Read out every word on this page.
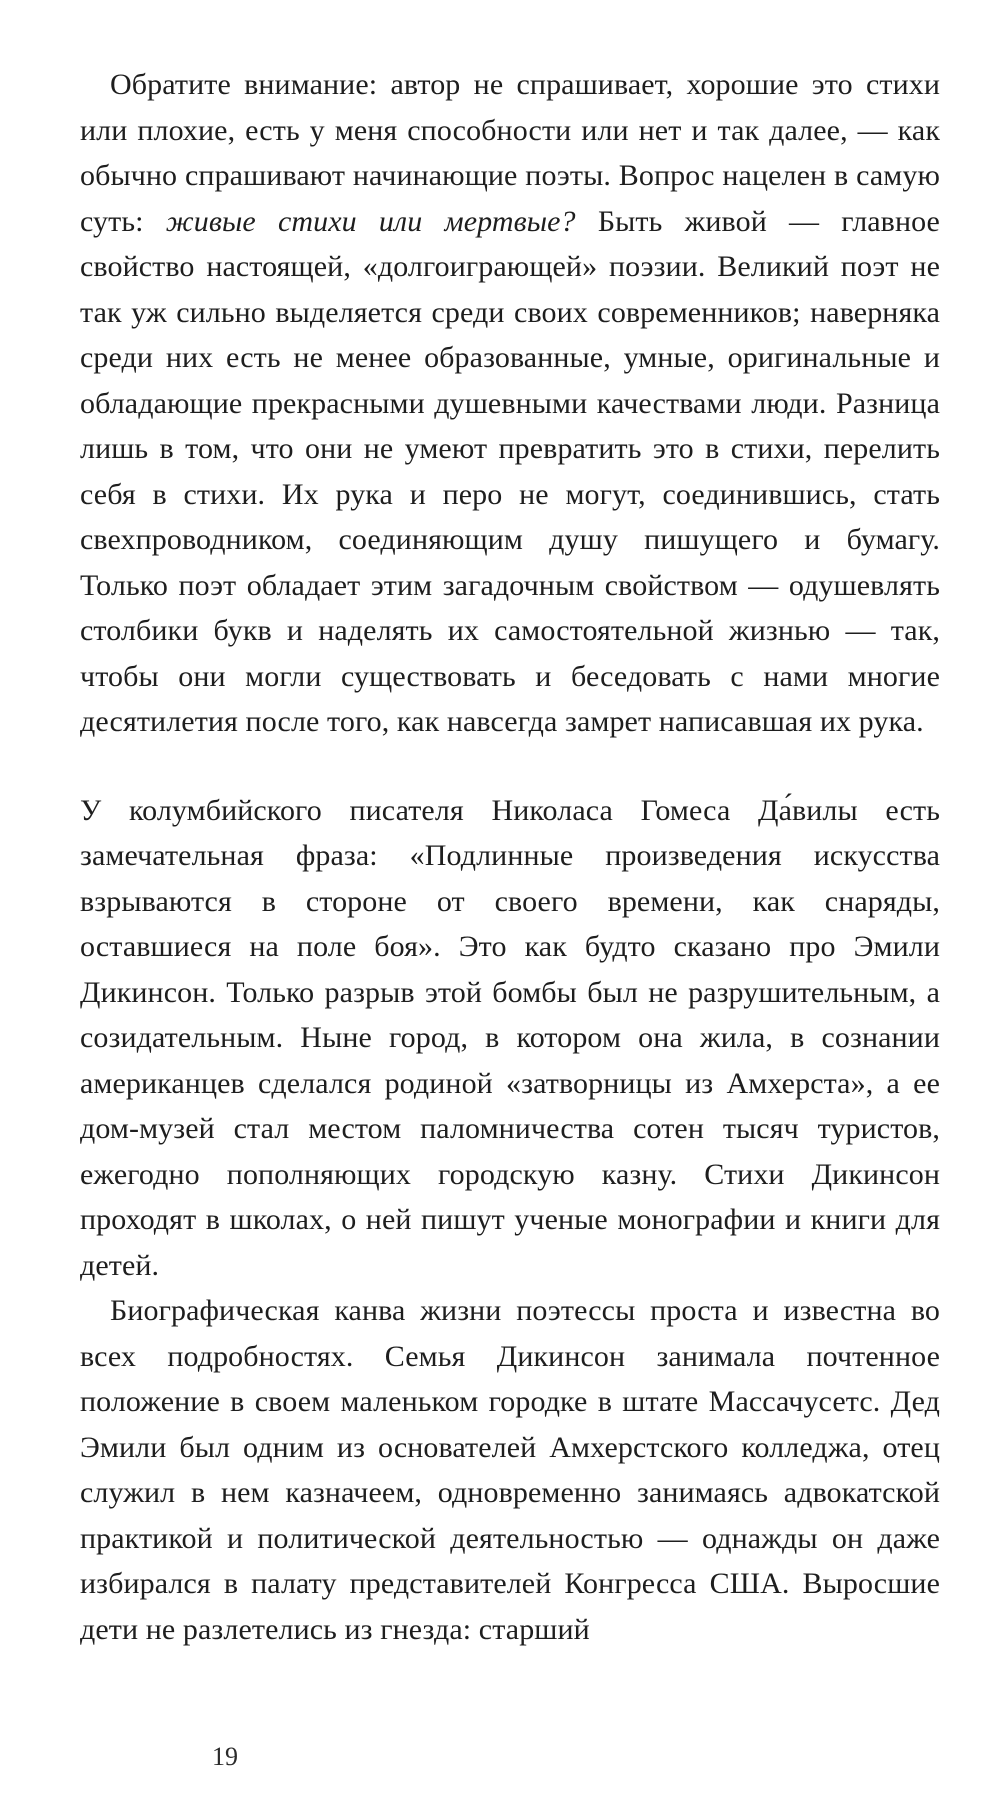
Обратите внимание: автор не спрашивает, хорошие это стихи или плохие, есть у меня способности или нет и так далее, — как обычно спрашивают начинающие поэты. Вопрос нацелен в самую суть: живые стихи или мертвые? Быть живой — главное свойство настоящей, «долгоиграющей» поэзии. Великий поэт не так уж сильно выделяется среди своих современников; наверняка среди них есть не менее образованные, умные, оригинальные и обладающие прекрасными душевными качествами люди. Разница лишь в том, что они не умеют превратить это в стихи, перелить себя в стихи. Их рука и перо не могут, соединившись, стать свехпроводником, соединяющим душу пишущего и бумагу. Только поэт обладает этим загадочным свойством — одушевлять столбики букв и наделять их самостоятельной жизнью — так, чтобы они могли существовать и беседовать с нами многие десятилетия после того, как навсегда замрет написавшая их рука.

У колумбийского писателя Николаса Гомеса Да́вилы есть замечательная фраза: «Подлинные произведения искусства взрываются в стороне от своего времени, как снаряды, оставшиеся на поле боя». Это как будто сказано про Эмили Дикинсон. Только разрыв этой бомбы был не разрушительным, а созидательным. Ныне город, в котором она жила, в сознании американцев сделался родиной «затворницы из Амхерста», а ее дом-музей стал местом паломничества сотен тысяч туристов, ежегодно пополняющих городскую казну. Стихи Дикинсон проходят в школах, о ней пишут ученые монографии и книги для детей.

Биографическая канва жизни поэтессы проста и известна во всех подробностях. Семья Дикинсон занимала почтенное положение в своем маленьком городке в штате Массачусетс. Дед Эмили был одним из основателей Амхерстского колледжа, отец служил в нем казначеем, одновременно занимаясь адвокатской практикой и политической деятельностью — однажды он даже избирался в палату представителей Конгресса США. Выросшие дети не разлетелись из гнезда: старший

19
